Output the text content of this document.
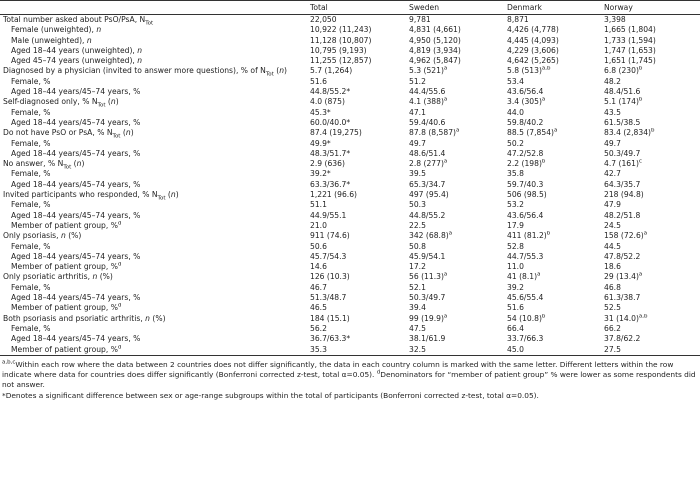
	Total	Sweden	Denmark	Norway
Total number asked about PsO/PsA, $N_{Tot}$	22,050	9,781	8,871	3,398
Female (unweighted), n	10,922 (11,243)	4,831 (4,661)	4,426 (4,778)	1,665 (1,804)
Male (unweighted), n	11,128 (10,807)	4,950 (5,120)	4,445 (4,093)	1,733 (1,594)
Aged 18–44 years (unweighted), n	10,795 (9,193)	4,819 (3,934)	4,229 (3,606)	1,747 (1,653)
Aged 45–74 years (unweighted), n	11,255 (12,857)	4,962 (5,847)	4,642 (5,265)	1,651 (1,745)
Diagnosed by a physician (invited to answer more questions), % of $N_{Tot}$ (n)	5.7 (1,264)	5.3 $(521)^a$	5.8 $(513)^{a,b}$	6.8 $(230)^b$
Female, %	51.6	51.2	53.4	48.2
Aged 18–44 years/45–74 years, %	44.8/55.2*	44.4/55.6	43.6/56.4	48.4/51.6
Self-diagnosed only, % $N_{Tot}$ (n)	4.0 (875)	4.1 $(388)^a$	3.4 $(305)^a$	5.1 $(174)^b$
Female, %	45.3*	47.1	44.0	43.5
Aged 18–44 years/45–74 years, %	60.0/40.0*	59.4/40.6	59.8/40.2	61.5/38.5
Do not have PsO or PsA, % $N_{Tot}$ (n)	87.4 (19,275)	87.8 $(8,587)^a$	88.5 $(7,854)^a$	83.4 $(2,834)^b$
Female, %	49.9*	49.7	50.2	49.7
Aged 18–44 years/45–74 years, %	48.3/51.7*	48.6/51.4	47.2/52.8	50.3/49.7
No answer, % $N_{Tot}$ (n)	2.9 (636)	2.8 $(277)^a$	2.2 $(198)^b$	4.7 $(161)^c$
Female, %	39.2*	39.5	35.8	42.7
Aged 18–44 years/45–74 years, %	63.3/36.7*	65.3/34.7	59.7/40.3	64.3/35.7
Invited participants who responded, % $N_{Tot}$ (n)	1,221 (96.6)	497 (95.4)	506 (98.5)	218 (94.8)
Female, %	51.1	50.3	53.2	47.9
Aged 18–44 years/45–74 years, %	44.9/55.1	44.8/55.2	43.6/56.4	48.2/51.8
Member of patient group, %$^d$	21.0	22.5	17.9	24.5
Only psoriasis, n (%)	911 (74.6)	342 $(68.8)^a$	411 $(81.2)^b$	158 $(72.6)^a$
Female, %	50.6	50.8	52.8	44.5
Aged 18–44 years/45–74 years, %	45.7/54.3	45.9/54.1	44.7/55.3	47.8/52.2
Member of patient group, %$^d$	14.6	17.2	11.0	18.6
Only psoriatic arthritis, n (%)	126 (10.3)	56 $(11.3)^a$	41 $(8.1)^a$	29 $(13.4)^a$
Female, %	46.7	52.1	39.2	46.8
Aged 18–44 years/45–74 years, %	51.3/48.7	50.3/49.7	45.6/55.4	61.3/38.7
Member of patient group, %$^d$	46.5	39.4	51.6	52.5
Both psoriasis and psoriatic arthritis, n (%)	184 (15.1)	99 $(19.9)^a$	54 $(10.8)^b$	31 $(14.0)^{a,b}$
Female, %	56.2	47.5	66.4	66.2
Aged 18–44 years/45–74 years, %	36.7/63.3*	38.1/61.9	33.7/66.3	37.8/62.2
Member of patient group, %$^d$	35.3	32.5	45.0	27.5

$^{a,b,c}$Within each row where the data between 2 countries does not differ significantly, the data in each country column is marked with the same letter. Different letters within the row indicate where data for countries does differ significantly (Bonferroni corrected z-test, total α=0.05). $^d$Denominators for “member of patient group” % were lower as some respondents did not answer.

*Denotes a significant difference between sex or age-range subgroups within the total of participants (Bonferroni corrected z-test, total α=0.05).
